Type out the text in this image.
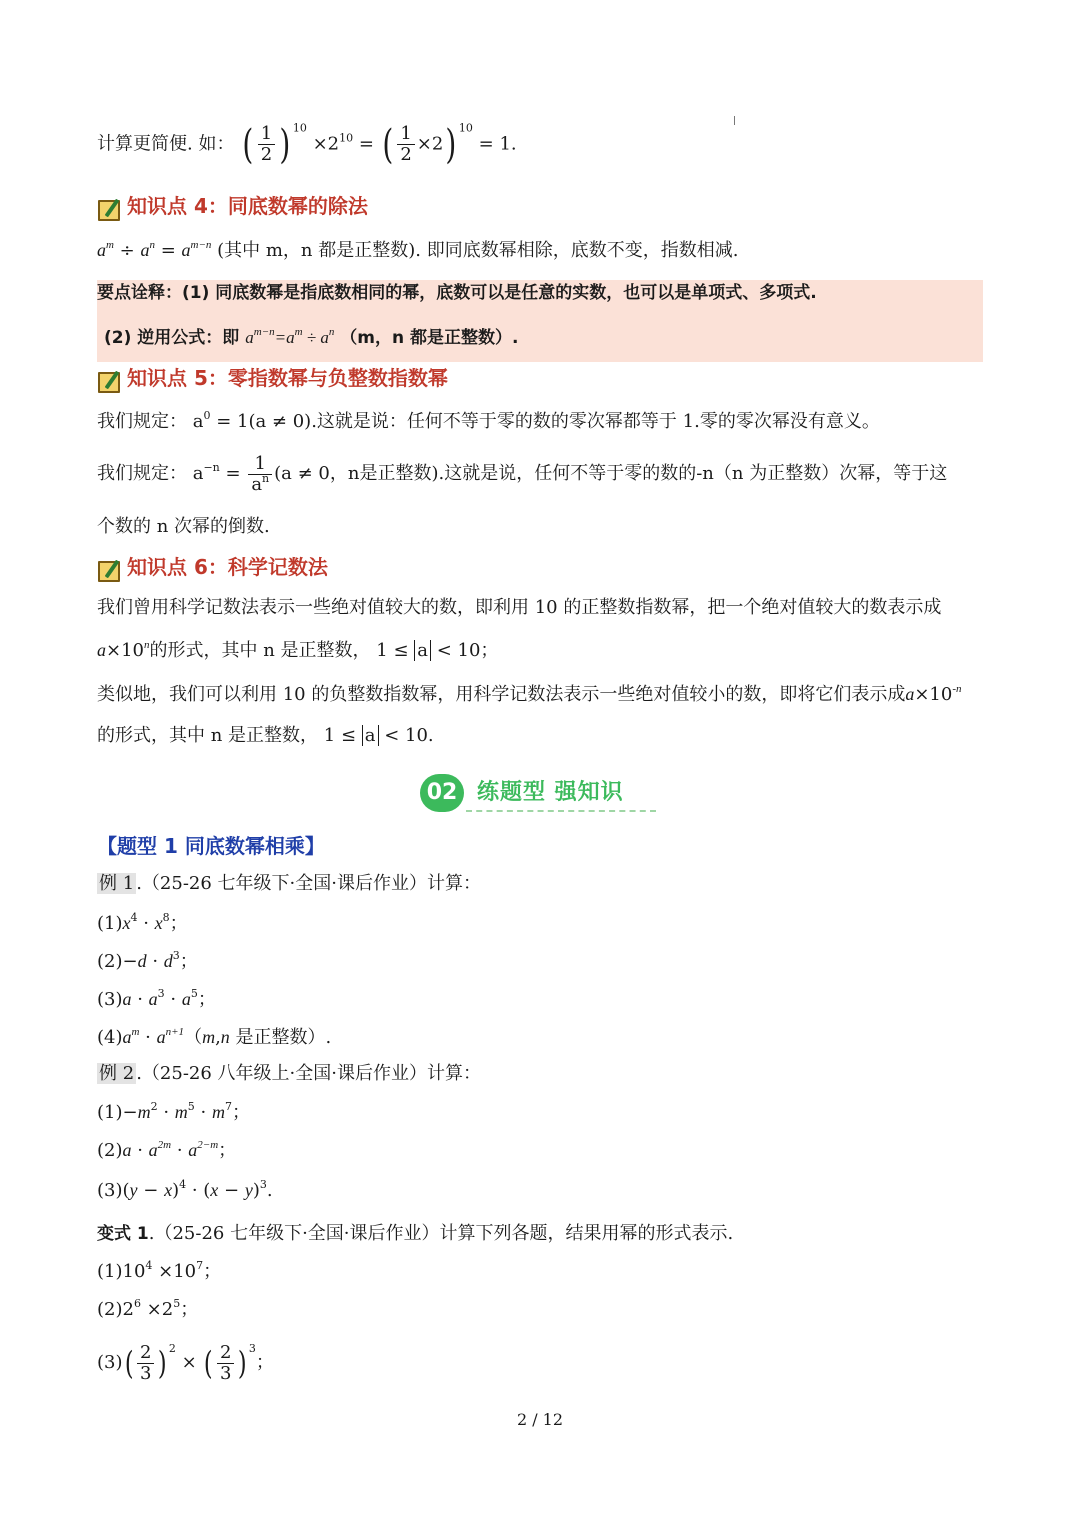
计算更简便. 如： ( $\frac{1}{2}$ ) $^{10} \times 2^{10}$ = ( $\frac{1}{2} \times 2$) $^{10}$ = 1.
知识点 4：同底数幂的除法
$a^m \div a^n = a^{m-n}$ (其中 m，n 都是正整数). 即同底数幂相除，底数不变，指数相减.
要点诠释：(1) 同底数幂是指底数相同的幂，底数可以是任意的实数，也可以是单项式、多项式.
(2) 逆用公式：即 $a^{m-n}=a^m \div a^n$ （m，n 都是正整数）.
知识点 5：零指数幂与负整数指数幂
我们规定： $a^0 = 1(a \ne 0)$.这就是说：任何不等于零的数的零次幂都等于 1.零的零次幂没有意义。
我们规定： $a^{-n} = \frac{1}{a^n} (a \ne 0$，n是正整数).这就是说，任何不等于零的数的-n（n 为正整数）次幂，等于这
个数的 n 次幂的倒数.
知识点 6：科学记数法
我们曾用科学记数法表示一些绝对值较大的数，即利用 10 的正整数指数幂，把一个绝对值较大的数表示成
$a\times 10^n$的形式，其中 n 是正整数， 1 ≤ a < 10；
类似地，我们可以利用 10 的负整数指数幂，用科学记数法表示一些绝对值较小的数，即将它们表示成$a\times 10^{-n}$
的形式，其中 n 是正整数， 1 ≤ a < 10.
02 练题型 强知识
【题型 1 同底数幂相乘】
例 1 .（25-26 七年级下·全国·课后作业）计算：
$(1)x^4 \cdot x^8$；
$(2)-d \cdot d^3$；
$(3)a \cdot a^3 \cdot a^5$；
$(4)a^m \cdot a^{n+1}(m,n$ 是正整数）.
例 2 .（25-26 八年级上·全国·课后作业）计算：
$(1)-m^2 \cdot m^5 \cdot m^7$；
$(2)a \cdot a^{2m} \cdot a^{2-m}$；
$(3)(y - x)^4 \cdot (x - y)^3$.
变式 1.（25-26 七年级下·全国·课后作业）计算下列各题，结果用幂的形式表示.
$(1)10^4 \times 10^7$；
$(2)2^6 \times 2^5$；
$(3)( \frac{2}{3}$ ) $^2$ × ( $\frac{2}{3}$ ) $^3$；
2 / 12
